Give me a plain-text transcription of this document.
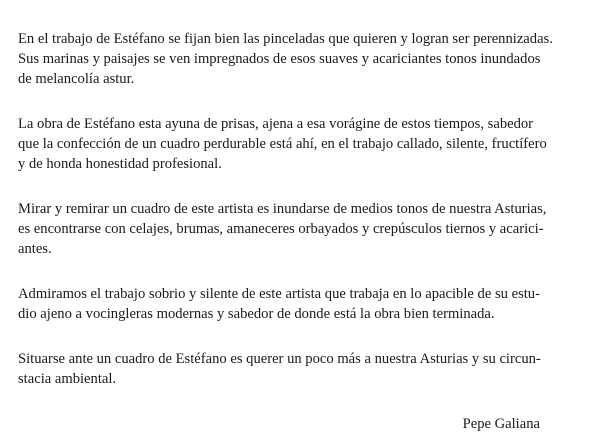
En el trabajo de Estéfano se fijan bien las pinceladas que quieren y logran ser perennizadas.
Sus marinas y paisajes se ven impregnados de esos suaves y acariciantes tonos inundados
de melancolía astur.

La obra de Estéfano esta ayuna de prisas, ajena a esa vorágine de estos tiempos, sabedor
que la confección de un cuadro perdurable está ahí, en el trabajo callado, silente, fructífero
y de honda honestidad profesional.

Mirar y remirar un cuadro de este artista es inundarse de medios tonos de nuestra Asturias,
es encontrarse con celajes, brumas, amaneceres orbayados y crepúsculos tiernos y acarici-
antes.

Admiramos el trabajo sobrio y silente de este artista que trabaja en lo apacible de su estu-
dio ajeno a vocingleras modernas y sabedor de donde está la obra bien terminada.

Situarse ante un cuadro de Estéfano es querer un poco más a nuestra Asturias y su circun-
stacia ambiental.

Pepe Galiana
